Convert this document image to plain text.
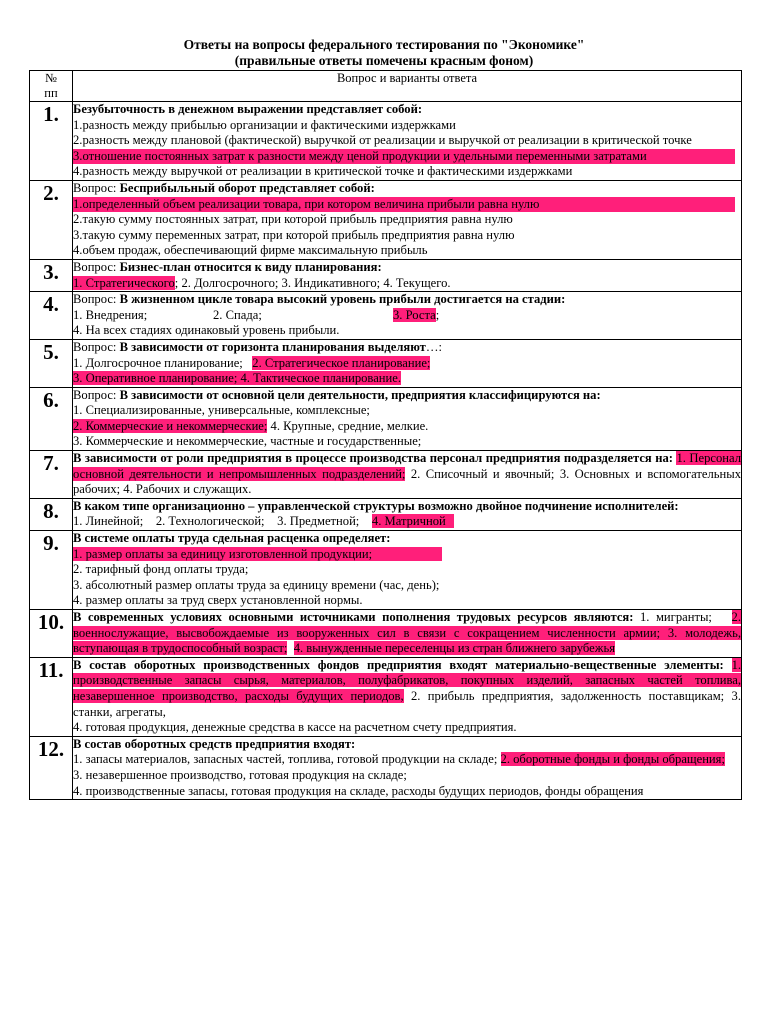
Ответы на вопросы федерального тестирования по "Экономике"
(правильные ответы помечены красным фоном)
№
пп	Вопрос и варианты ответа
1.	Безубыточность в денежном выражении представляет собой:
1.разность между прибылью организации и фактическими издержками
2.разность между плановой (фактической) выручкой от реализации и выручкой от реализации в критической точке
3.отношение постоянных затрат к разности между ценой продукции и удельными переменными затратами
4.разность между выручкой от реализации в критической точке и фактическими издержками

2.	Вопрос: Бесприбыльный оборот представляет собой:
1.определенный объем реализации товара, при котором величина прибыли равна нулю
2.такую сумму постоянных затрат, при которой прибыль предприятия равна нулю
3.такую сумму переменных затрат, при которой прибыль предприятия равна нулю
4.объем продаж, обеспечивающий фирме максимальную прибыль

3.	Вопрос: Бизнес-план относится к виду планирования:
1. Стратегического; 2. Долгосрочного; 3. Индикативного; 4. Текущего.

4.	Вопрос: В жизненном цикле товара высокий уровень прибыли достигается на стадии:
1. Внедрения; 2. Спада; 3. Роста;
4. На всех стадиях одинаковый уровень прибыли.

5.	Вопрос: В зависимости от горизонта планирования выделяют…:
1. Долгосрочное планирование; 2. Стратегическое планирование;
3. Оперативное планирование; 4. Тактическое планирование.

6.	Вопрос: В зависимости от основной цели деятельности, предприятия классифицируются на:
1. Специализированные, универсальные, комплексные;
2. Коммерческие и некоммерческие; 4. Крупные, средние, мелкие.
3. Коммерческие и некоммерческие, частные и государственные;

7.	В зависимости от роли предприятия в процессе производства персонал предприятия подразделяется на: 1. Персонал основной деятельности и непромышленных подразделений; 2. Списочный и явочный; 3. Основных и вспомогательных рабочих; 4. Рабочих и служащих.
8.	В каком типе организационно – управленческой структуры возможно двойное подчинение исполнителей:
1. Линейной; 2. Технологической; 3. Предметной; 4. Матричной

9.	В системе оплаты труда сдельная расценка определяет:
1. размер оплаты за единицу изготовленной продукции;
2. тарифный фонд оплаты труда;
3. абсолютный размер оплаты труда за единицу времени (час, день);
4. размер оплаты за труд сверх установленной нормы.

10.	В современных условиях основными источниками пополнения трудовых ресурсов являются: 1. мигранты; 2. военнослужащие, высвобождаемые из вооруженных сил в связи с сокращением численности армии; 3. молодежь, вступающая в трудоспособный возраст; 4. вынужденные переселенцы из стран ближнего зарубежья
11.	В состав оборотных производственных фондов предприятия входят материально-вещественные элементы: 1. производственные запасы сырья, материалов, полуфабрикатов, покупных изделий, запасных частей топлива, незавершенное производство, расходы будущих периодов, 2. прибыль предприятия, задолженность поставщикам; 3. станки, агрегаты,
4. готовая продукция, денежные средства в кассе на расчетном счету предприятия.

12.	В состав оборотных средств предприятия входят:
1. запасы материалов, запасных частей, топлива, готовой продукции на складе; 2. оборотные фонды и фонды обращения;
3. незавершенное производство, готовая продукция на складе;
4. производственные запасы, готовая продукция на складе, расходы будущих периодов, фонды обращения
